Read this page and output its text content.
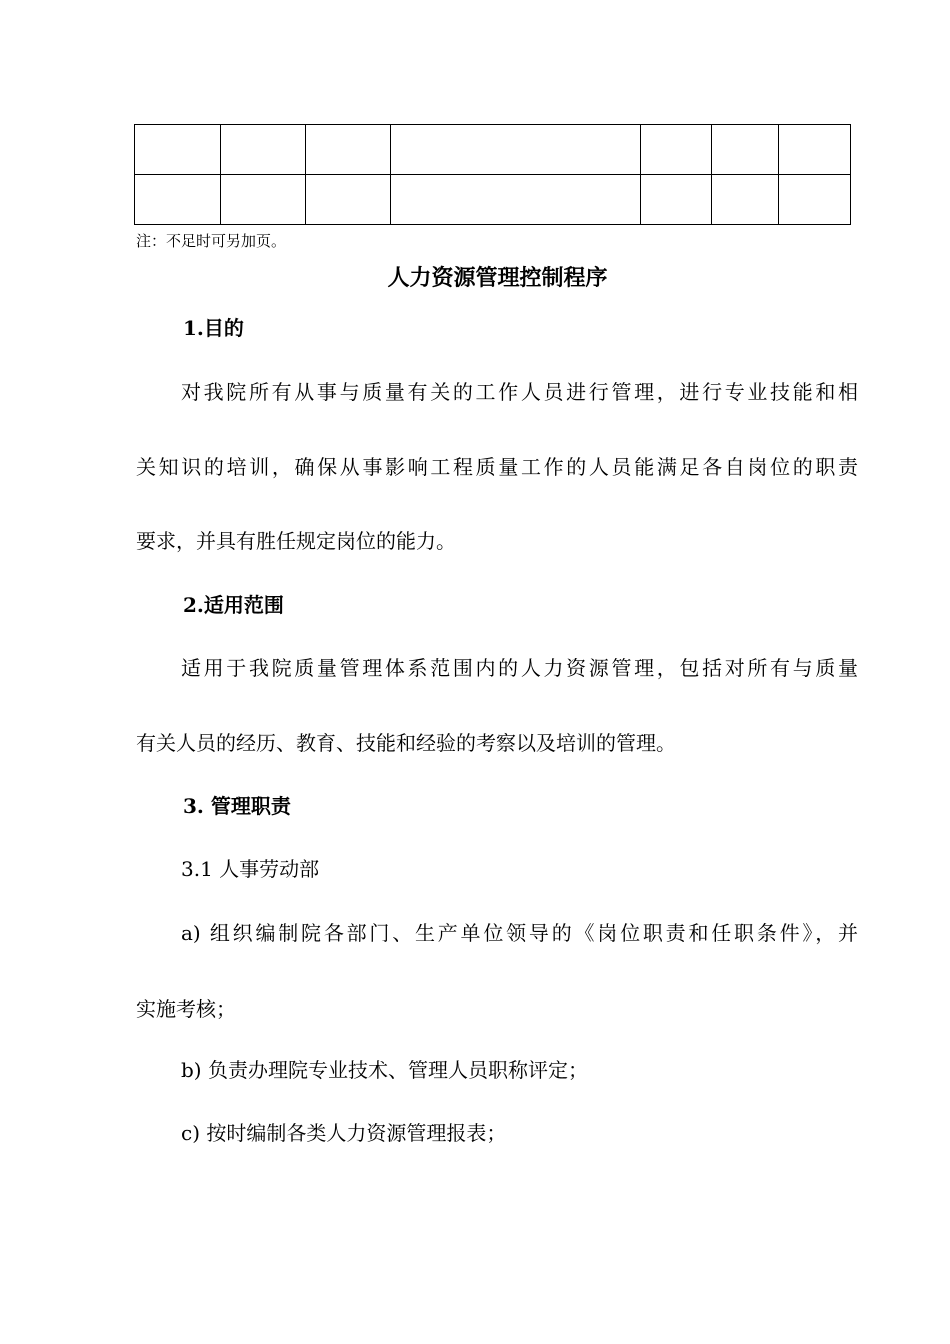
注：不足时可另加页。
人力资源管理控制程序
1.目的
对我院所有从事与质量有关的工作人员进行管理，进行专业技能和相
关知识的培训，确保从事影响工程质量工作的人员能满足各自岗位的职责
要求，并具有胜任规定岗位的能力。
2.适用范围
适用于我院质量管理体系范围内的人力资源管理，包括对所有与质量
有关人员的经历、教育、技能和经验的考察以及培训的管理。
3. 管理职责
3.1 人事劳动部
a) 组织编制院各部门、生产单位领导的《岗位职责和任职条件》，并
实施考核；
b) 负责办理院专业技术、管理人员职称评定；
c) 按时编制各类人力资源管理报表；
